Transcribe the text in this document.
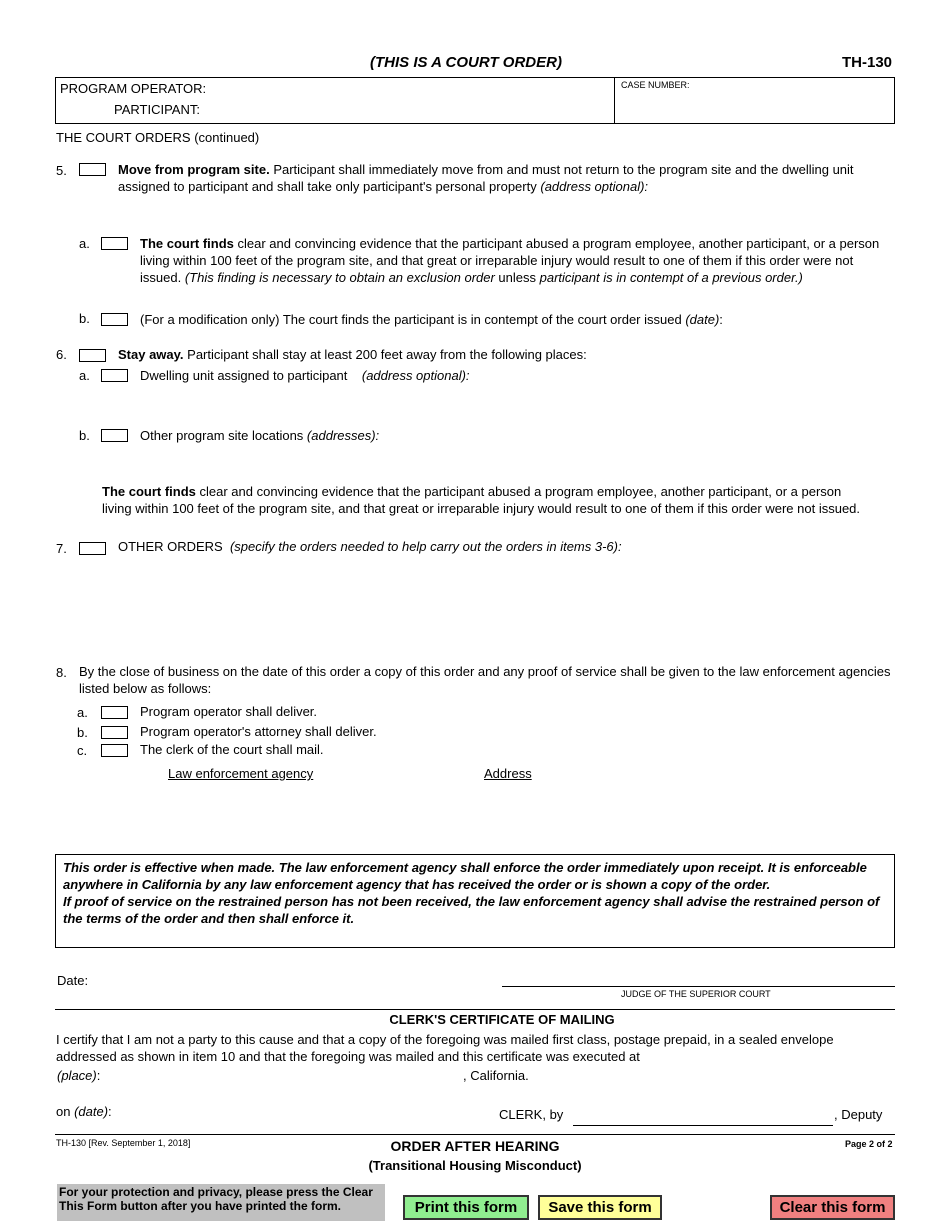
(THIS IS A COURT ORDER)	TH-130
PROGRAM OPERATOR:
PARTICIPANT:
CASE NUMBER:
THE COURT ORDERS (continued)
5.	Move from program site. Participant shall immediately move from and must not return to the program site and the dwelling unit assigned to participant and shall take only participant's personal property (address optional):
a.	The court finds clear and convincing evidence that the participant abused a program employee, another participant, or a person living within 100 feet of the program site, and that great or irreparable injury would result to one of them if this order were not issued. (This finding is necessary to obtain an exclusion order unless participant is in contempt of a previous order.)
b.	(For a modification only) The court finds the participant is in contempt of the court order issued (date):
6.	Stay away. Participant shall stay at least 200 feet away from the following places:
a.	Dwelling unit assigned to participant (address optional):
b.	Other program site locations (addresses):
The court finds clear and convincing evidence that the participant abused a program employee, another participant, or a person living within 100 feet of the program site, and that great or irreparable injury would result to one of them if this order were not issued.
7.	OTHER ORDERS (specify the orders needed to help carry out the orders in items 3-6):
8. By the close of business on the date of this order a copy of this order and any proof of service shall be given to the law enforcement agencies listed below as follows:
a.	Program operator shall deliver.
b.	Program operator's attorney shall deliver.
c.	The clerk of the court shall mail.
Law enforcement agency	Address
This order is effective when made. The law enforcement agency shall enforce the order immediately upon receipt. It is enforceable anywhere in California by any law enforcement agency that has received the order or is shown a copy of the order.
If proof of service on the restrained person has not been received, the law enforcement agency shall advise the restrained person of the terms of the order and then shall enforce it.
Date:
JUDGE OF THE SUPERIOR COURT
CLERK'S CERTIFICATE OF MAILING
I certify that I am not a party to this cause and that a copy of the foregoing was mailed first class, postage prepaid, in a sealed envelope addressed as shown in item 10 and that the foregoing was mailed and this certificate was executed at
(place):	, California.
on (date):	CLERK, by	, Deputy
TH-130 [Rev. September 1, 2018]	ORDER AFTER HEARING
(Transitional Housing Misconduct)
Page 2 of 2
For your protection and privacy, please press the Clear This Form button after you have printed the form.	Print this form	Save this form	Clear this form
